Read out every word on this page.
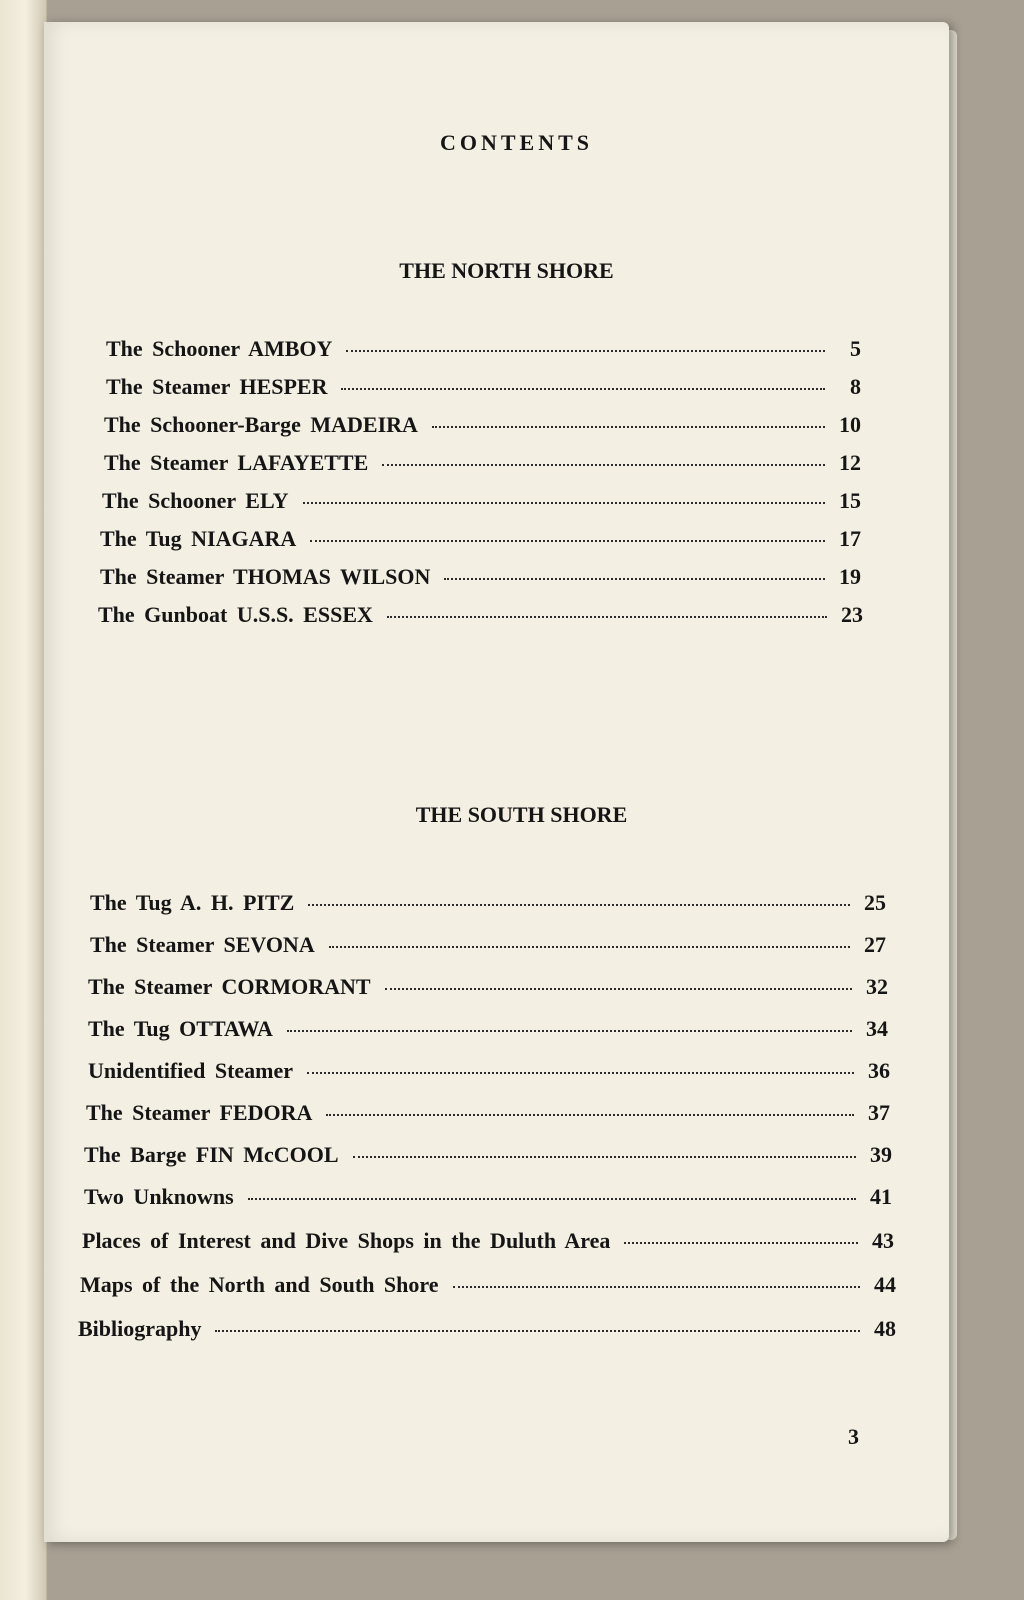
CONTENTS
THE NORTH SHORE
THE SOUTH SHORE
The Schooner AMBOY	5
The Steamer HESPER	8
The Schooner-Barge MADEIRA	10
The Steamer LAFAYETTE	12
The Schooner ELY	15
The Tug NIAGARA	17
The Steamer THOMAS WILSON	19
The Gunboat U.S.S. ESSEX	23
The Tug A. H. PITZ	25
The Steamer SEVONA	27
The Steamer CORMORANT	32
The Tug OTTAWA	34
Unidentified Steamer	36
The Steamer FEDORA	37
The Barge FIN McCOOL	39
Two Unknowns	41
Places of Interest and Dive Shops in the Duluth Area	43
Maps of the North and South Shore	44
Bibliography	48
3
